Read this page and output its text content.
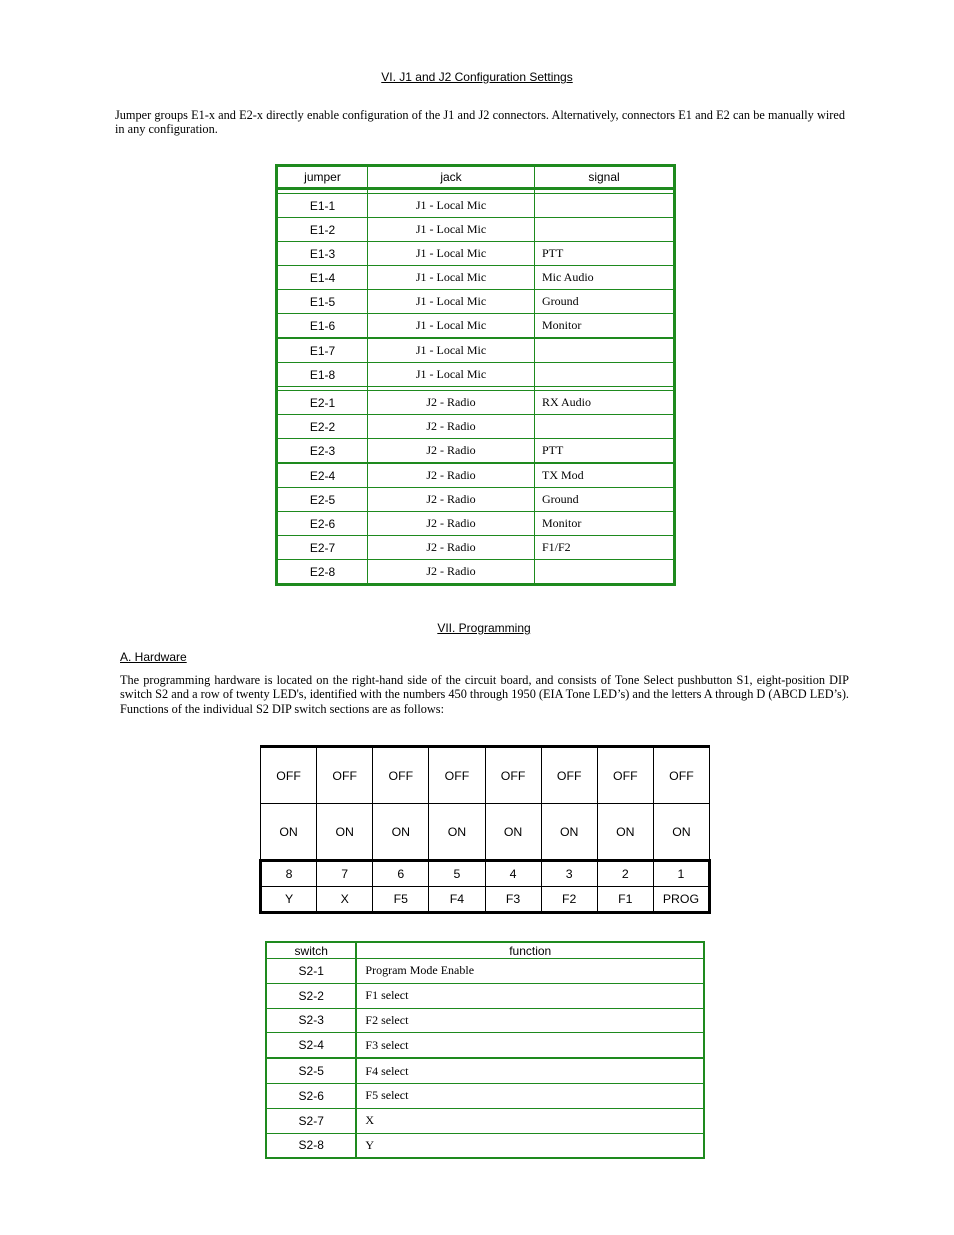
VI. J1 and J2 Configuration Settings
Jumper groups E1-x and E2-x directly enable configuration of the J1 and J2 connectors. Alternatively, connectors E1 and E2 can be manually wired in any configuration.
jumper	jack	signal

E1-1	J1 - Local Mic	
E1-2	J1 - Local Mic	
E1-3	J1 - Local Mic	PTT
E1-4	J1 - Local Mic	Mic Audio
E1-5	J1 - Local Mic	Ground
E1-6	J1 - Local Mic	Monitor
E1-7	J1 - Local Mic	
E1-8	J1 - Local Mic	

E2-1	J2 - Radio	RX Audio
E2-2	J2 - Radio	
E2-3	J2 - Radio	PTT
E2-4	J2 - Radio	TX Mod
E2-5	J2 - Radio	Ground
E2-6	J2 - Radio	Monitor
E2-7	J2 - Radio	F1/F2
E2-8	J2 - Radio	
VII. Programming
A. Hardware
The programming hardware is located on the right-hand side of the circuit board, and consists of Tone Select pushbutton S1, eight-position DIP switch S2 and a row of twenty LED's, identified with the numbers 450 through 1950 (EIA Tone LED’s) and the letters A through D (ABCD LED’s). Functions of the individual S2 DIP switch sections are as follows:
OFF	OFF	OFF	OFF	OFF	OFF	OFF	OFF
ON	ON	ON	ON	ON	ON	ON	ON
8	7	6	5	4	3	2	1
Y	X	F5	F4	F3	F2	F1	PROG
switch	function
S2-1	Program Mode Enable
S2-2	F1 select
S2-3	F2 select
S2-4	F3 select
S2-5	F4 select
S2-6	F5 select
S2-7	X
S2-8	Y
